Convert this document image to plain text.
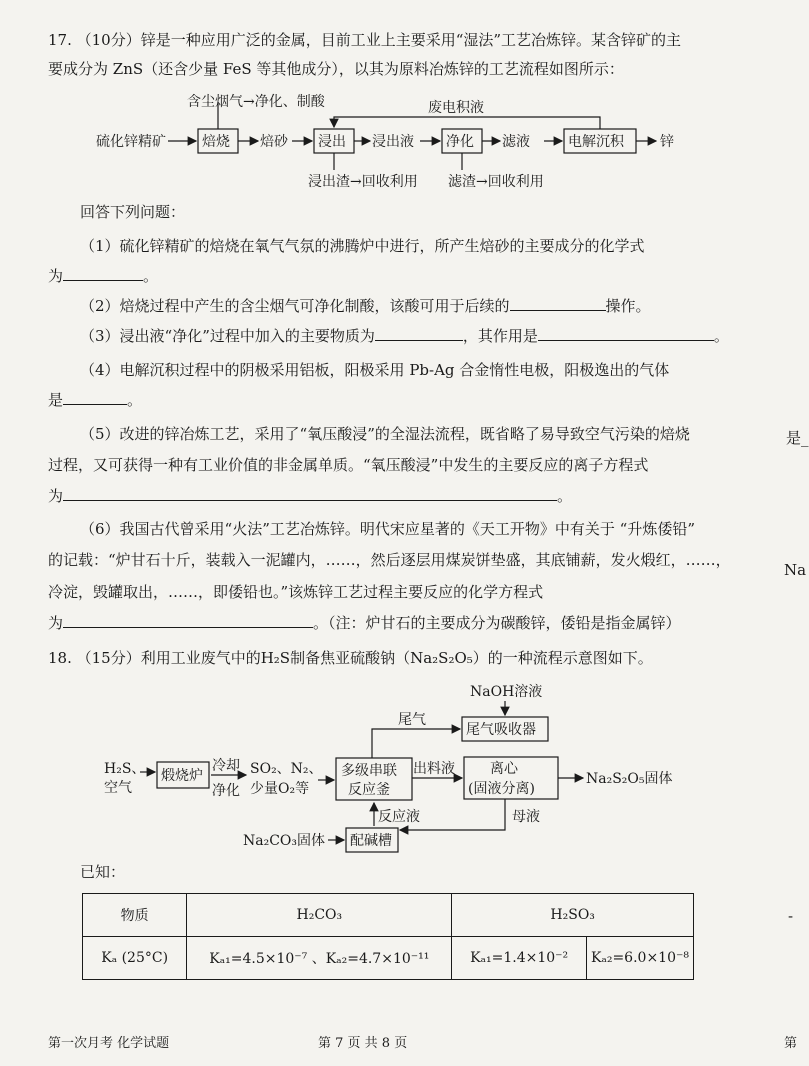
17. （10分）锌是一种应用广泛的金属，目前工业上主要采用“湿法”工艺冶炼锌。某含锌矿的主
要成分为 ZnS（还含少量 FeS 等其他成分），以其为原料冶炼锌的工艺流程如图所示：
硫化锌精矿	焙烧
含尘烟气→净化、制酸
焙砂 浸出
废电积液
浸出液 净化 滤液	电解沉积	锌
浸出渣→回收利用 滤渣→回收利用
回答下列问题：
（1）硫化锌精矿的焙烧在氧气气氛的沸腾炉中进行，所产生焙砂的主要成分的化学式
为	。
（2）焙烧过程中产生的含尘烟气可净化制酸，该酸可用于后续的	操作。
（3）浸出液“净化”过程中加入的主要物质为	，其作用是	。
（4）电解沉积过程中的阴极采用铝板，阳极采用 Pb-Ag 合金惰性电极，阳极逸出的气体
是	。
（5）改进的锌冶炼工艺，采用了“氧压酸浸”的全湿法流程，既省略了易导致空气污染的焙烧
过程，又可获得一种有工业价值的非金属单质。“氧压酸浸”中发生的主要反应的离子方程式
为	。
（6）我国古代曾采用“火法”工艺冶炼锌。明代宋应星著的《天工开物》中有关于 “升炼倭铅”
的记载：“炉甘石十斤，装载入一泥罐内，……，然后逐层用煤炭饼垫盛，其底铺薪，发火煅红，……，
冷淀，毁罐取出，……，即倭铅也。”该炼锌工艺过程主要反应的化学方程式
为	。（注：炉甘石的主要成分为碳酸锌，倭铅是指金属锌）
18. （15分）利用工业废气中的H₂S制备焦亚硫酸钠（Na₂S₂O₅）的一种流程示意图如下。
NaOH溶液
尾气吸收器
尾气
H₂S、
空气
煅烧炉
冷却
净化
SO₂、N₂、
少量O₂等
多级串联
反应釜
出料液	离心
(固液分离)
Na₂S₂O₅固体
母液
反应液
配碱槽
Na₂CO₃固体
已知：
物质	H₂CO₃	H₂SO₃	
Kₐ (25°C)	Kₐ₁=4.5×10⁻⁷ 、Kₐ₂=4.7×10⁻¹¹	Kₐ₁=1.4×10⁻²	Kₐ₂=6.0×10⁻⁸
是_
Na
-
第一次月考 化学试题	第 7 页 共 8 页	第
